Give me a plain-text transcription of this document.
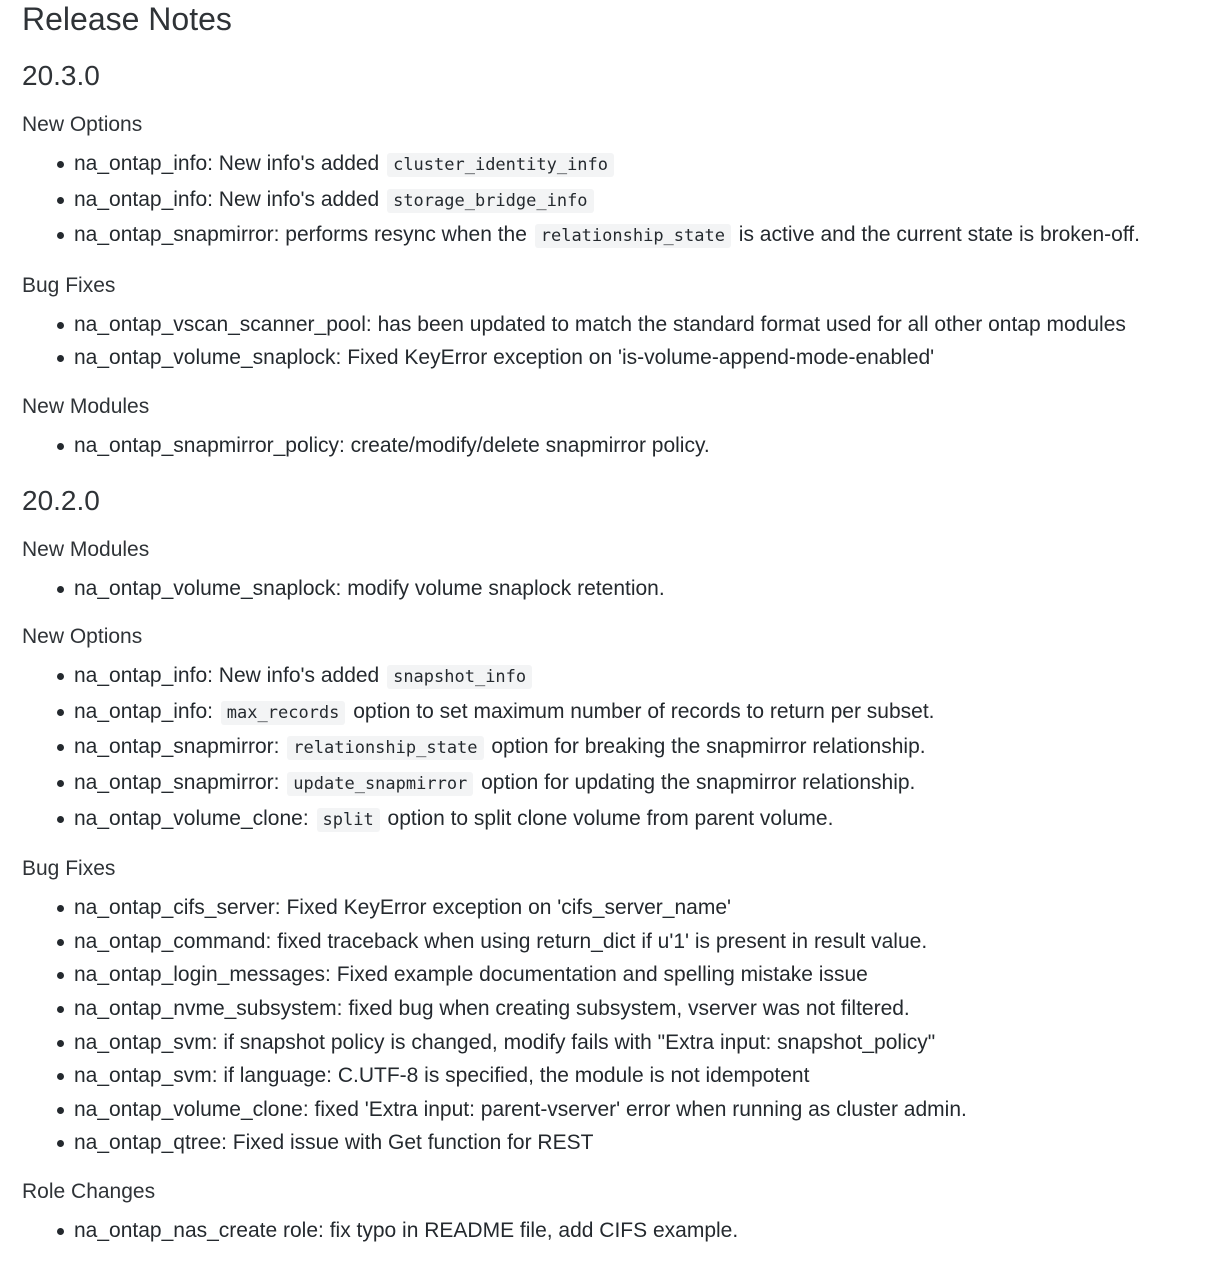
Release Notes
20.3.0
New Options
na_ontap_info: New info's added cluster_identity_info
na_ontap_info: New info's added storage_bridge_info
na_ontap_snapmirror: performs resync when the relationship_state is active and the current state is broken-off.
Bug Fixes
na_ontap_vscan_scanner_pool: has been updated to match the standard format used for all other ontap modules
na_ontap_volume_snaplock: Fixed KeyError exception on 'is-volume-append-mode-enabled'
New Modules
na_ontap_snapmirror_policy: create/modify/delete snapmirror policy.
20.2.0
New Modules
na_ontap_volume_snaplock: modify volume snaplock retention.
New Options
na_ontap_info: New info's added snapshot_info
na_ontap_info: max_records option to set maximum number of records to return per subset.
na_ontap_snapmirror: relationship_state option for breaking the snapmirror relationship.
na_ontap_snapmirror: update_snapmirror option for updating the snapmirror relationship.
na_ontap_volume_clone: split option to split clone volume from parent volume.
Bug Fixes
na_ontap_cifs_server: Fixed KeyError exception on 'cifs_server_name'
na_ontap_command: fixed traceback when using return_dict if u'1' is present in result value.
na_ontap_login_messages: Fixed example documentation and spelling mistake issue
na_ontap_nvme_subsystem: fixed bug when creating subsystem, vserver was not filtered.
na_ontap_svm: if snapshot policy is changed, modify fails with "Extra input: snapshot_policy"
na_ontap_svm: if language: C.UTF-8 is specified, the module is not idempotent
na_ontap_volume_clone: fixed 'Extra input: parent-vserver' error when running as cluster admin.
na_ontap_qtree: Fixed issue with Get function for REST
Role Changes
na_ontap_nas_create role: fix typo in README file, add CIFS example.
